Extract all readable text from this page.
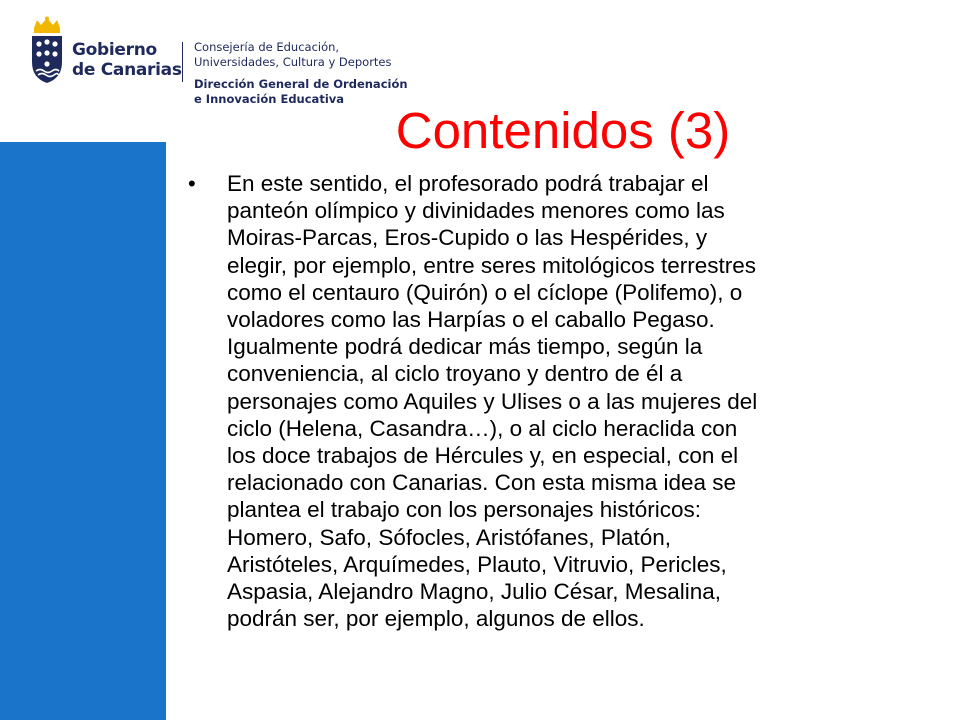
Gobierno
de Canarias
Consejería de Educación,
Universidades, Cultura y Deportes
Dirección General de Ordenación
e Innovación Educativa
Contenidos (3)
• En este sentido, el profesorado podrá trabajar el
panteón olímpico y divinidades menores como las
Moiras-Parcas, Eros-Cupido o las Hespérides, y
elegir, por ejemplo, entre seres mitológicos terrestres
como el centauro (Quirón) o el cíclope (Polifemo), o
voladores como las Harpías o el caballo Pegaso.
Igualmente podrá dedicar más tiempo, según la
conveniencia, al ciclo troyano y dentro de él a
personajes como Aquiles y Ulises o a las mujeres del
ciclo (Helena, Casandra…), o al ciclo heraclida con
los doce trabajos de Hércules y, en especial, con el
relacionado con Canarias. Con esta misma idea se
plantea el trabajo con los personajes históricos:
Homero, Safo, Sófocles, Aristófanes, Platón,
Aristóteles, Arquímedes, Plauto, Vitruvio, Pericles,
Aspasia, Alejandro Magno, Julio César, Mesalina,
podrán ser, por ejemplo, algunos de ellos.
